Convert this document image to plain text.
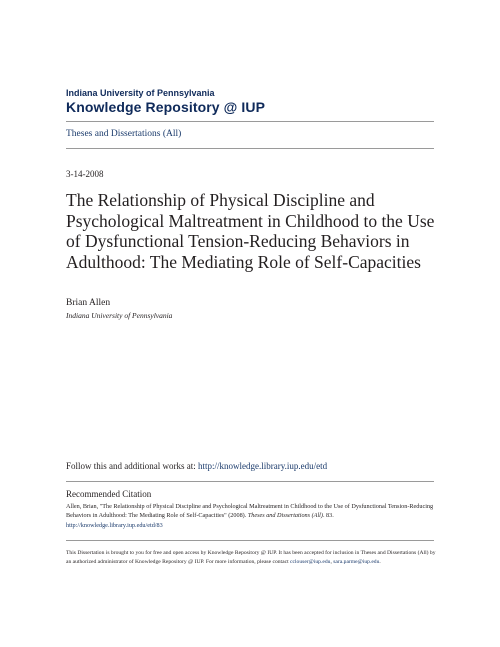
Indiana University of Pennsylvania
Knowledge Repository @ IUP
Theses and Dissertations (All)
3-14-2008
The Relationship of Physical Discipline and Psychological Maltreatment in Childhood to the Use of Dysfunctional Tension-Reducing Behaviors in Adulthood: The Mediating Role of Self-Capacities
Brian Allen
Indiana University of Pennsylvania
Follow this and additional works at: http://knowledge.library.iup.edu/etd
Recommended Citation
Allen, Brian, "The Relationship of Physical Discipline and Psychological Maltreatment in Childhood to the Use of Dysfunctional Tension-Reducing Behaviors in Adulthood: The Mediating Role of Self-Capacities" (2008). Theses and Dissertations (All). 83.
http://knowledge.library.iup.edu/etd/83
This Dissertation is brought to you for free and open access by Knowledge Repository @ IUP. It has been accepted for inclusion in Theses and Dissertations (All) by an authorized administrator of Knowledge Repository @ IUP. For more information, please contact cclouser@iup.edu, sara.parme@iup.edu.
